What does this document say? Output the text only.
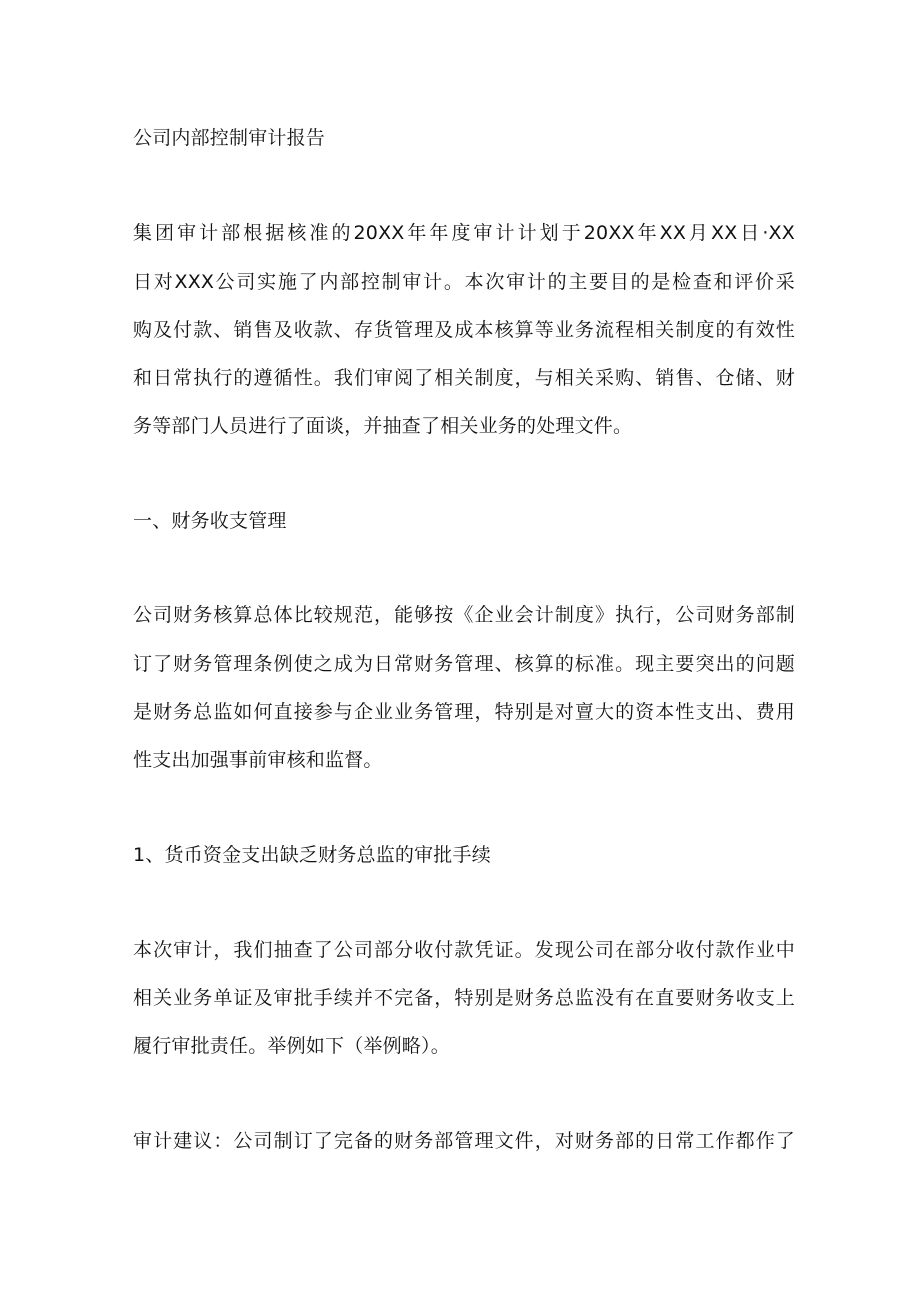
公司内部控制审计报告
集团审计部根据核准的20XX年年度审计计划于20XX年XX月XX日·XX
日对XXX公司实施了内部控制审计。本次审计的主要目的是检查和评价采
购及付款、销售及收款、存货管理及成本核算等业务流程相关制度的有效性
和日常执行的遵循性。我们审阅了相关制度，与相关采购、销售、仓储、财
务等部门人员进行了面谈，并抽查了相关业务的处理文件。
一、财务收支管理
公司财务核算总体比较规范，能够按《企业会计制度》执行，公司财务部制
订了财务管理条例使之成为日常财务管理、核算的标准。现主要突出的问题
是财务总监如何直接参与企业业务管理，特别是对亶大的资本性支出、费用
性支出加强事前审核和监督。
1、货币资金支出缺乏财务总监的审批手续
本次审计，我们抽查了公司部分收付款凭证。发现公司在部分收付款作业中
相关业务单证及审批手续并不完备，特别是财务总监没有在直要财务收支上
履行审批责任。举例如下（举例略）。
审计建议：公司制订了完备的财务部管理文件，对财务部的日常工作都作了
